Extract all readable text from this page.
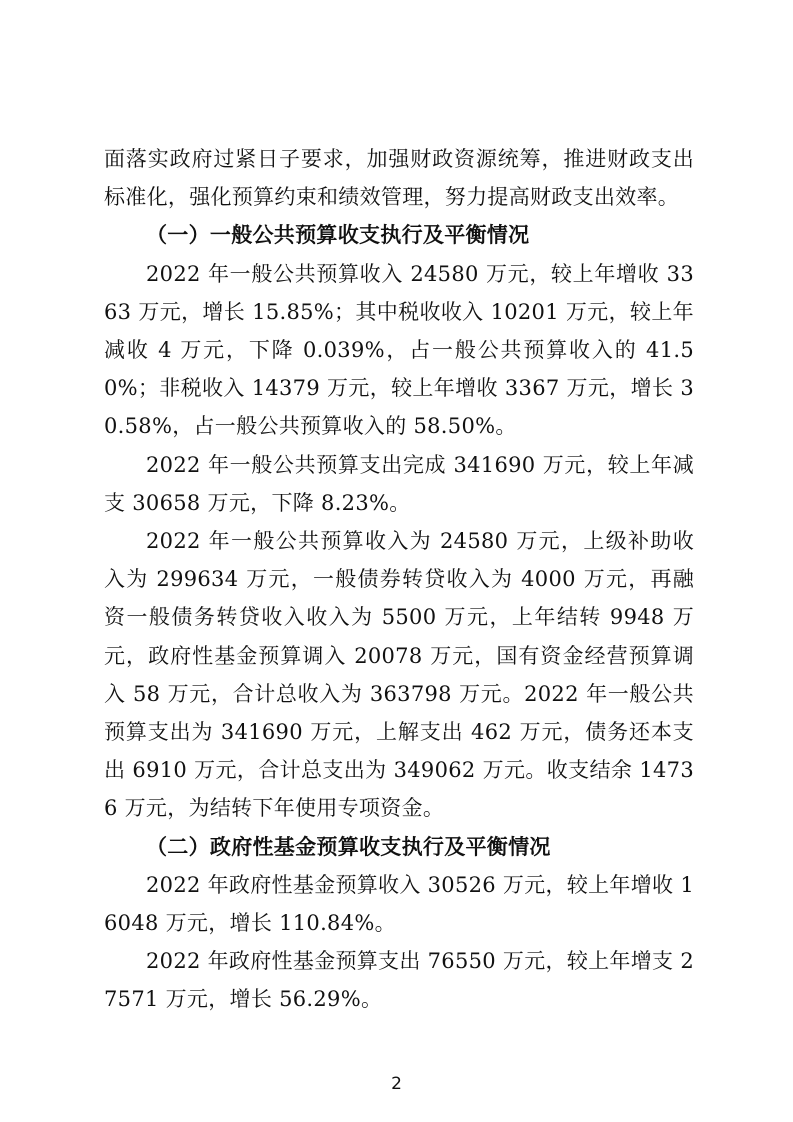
面落实政府过紧日子要求，加强财政资源统筹，推进财政支出标准化，强化预算约束和绩效管理，努力提高财政支出效率。

（一）一般公共预算收支执行及平衡情况

2022 年一般公共预算收入 24580 万元，较上年增收 3363 万元，增长 15.85%；其中税收收入 10201 万元，较上年减收 4 万元，下降 0.039%，占一般公共预算收入的 41.50%；非税收入 14379 万元，较上年增收 3367 万元，增长 30.58%，占一般公共预算收入的 58.50%。

2022 年一般公共预算支出完成 341690 万元，较上年减支 30658 万元，下降 8.23%。

2022 年一般公共预算收入为 24580 万元，上级补助收入为 299634 万元，一般债券转贷收入为 4000 万元，再融资一般债务转贷收入收入为 5500 万元，上年结转 9948 万元，政府性基金预算调入 20078 万元，国有资金经营预算调入 58 万元，合计总收入为 363798 万元。2022 年一般公共预算支出为 341690 万元，上解支出 462 万元，债务还本支出 6910 万元，合计总支出为 349062 万元。收支结余 14736 万元，为结转下年使用专项资金。

（二）政府性基金预算收支执行及平衡情况

2022 年政府性基金预算收入 30526 万元，较上年增收 16048 万元，增长 110.84%。

2022 年政府性基金预算支出 76550 万元，较上年增支 27571 万元，增长 56.29%。

2
